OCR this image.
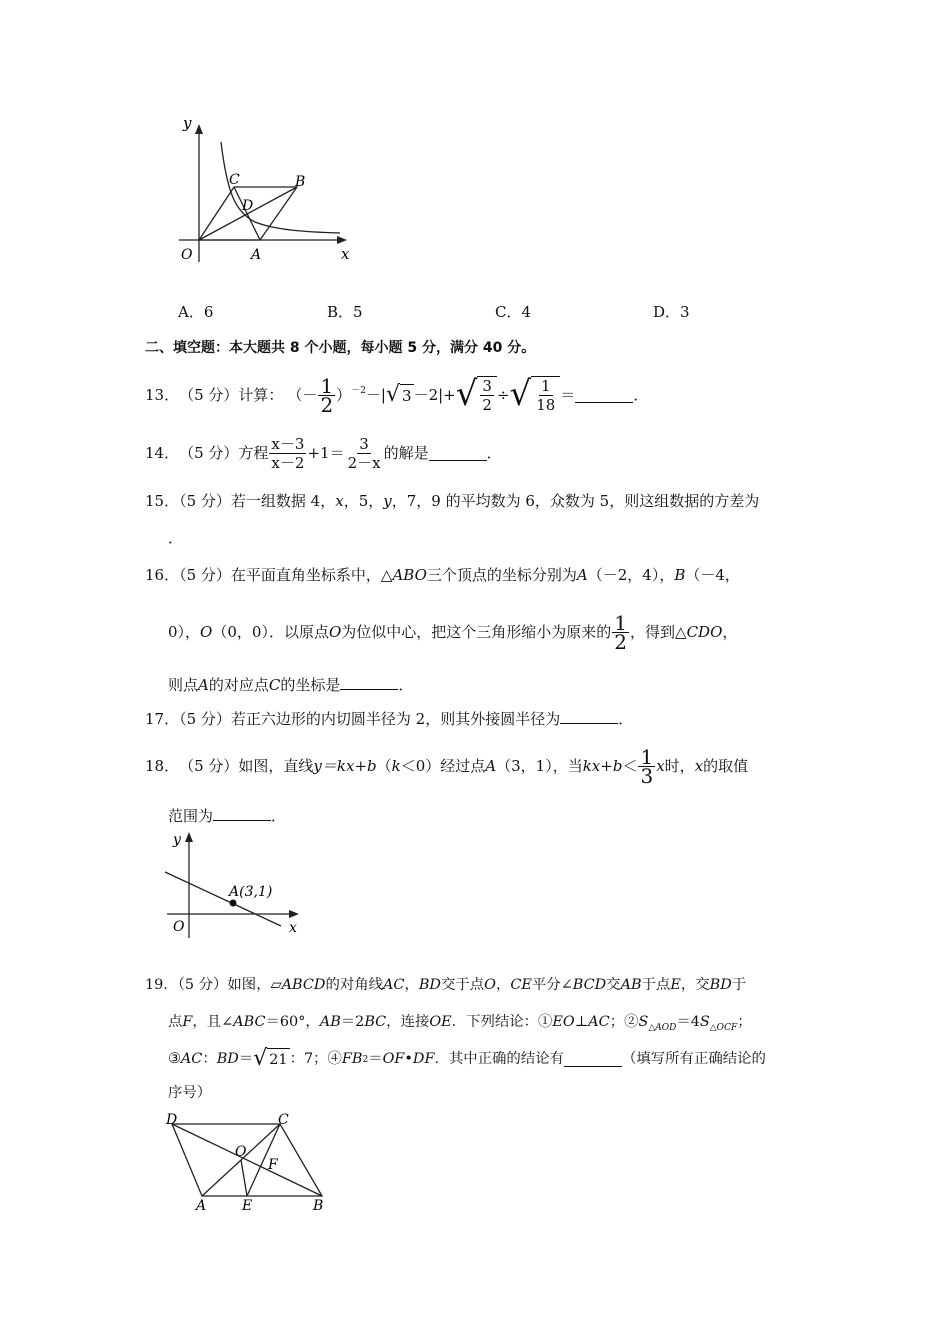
y
C	B
D
O	A	x
A．6	B．5	C．4	D．3
二、填空题：本大题共 8 个小题，每小题 5 分，满分 40 分。
13． （5 分） 计算： （－ $\frac{1}{2} )^{-2}$ －| √ 3 －2|+ √ $\frac{3}{2}$ ÷ √ $\frac{1}{18}$ ＝	．
14． （5 分） 方程 $\frac{x-3}{x-2} +1= \frac{3}{2-x}$ 的解是	．
15．（5 分）若一组数据 4，x，5，y，7，9 的平均数为 6，众数为 5，则这组数据的方差为
．
16．（5 分）在平面直角坐标系中，△ABO三个顶点的坐标分别为A（－2，4），B（－4，
0）， O （0，0）．以原点 O 为位似中心，把这个三角形缩小为原来的 $\frac{1}{2}$ ，得到△ CDO ，
则点A的对应点C的坐标是	．
17．（5 分）若正六边形的内切圆半径为 2，则其外接圆半径为	．
18． （5 分） 如图，直线 y＝kx+b （ k ＜0）经过点 A （3，1），当 $kx+b < \frac{1}{3}$ x 时， x 的取值
范围为	．
y
A(3,1)
O	x
19．（5 分）如图，▱ABCD的对角线AC，BD交于点O，CE平分∠BCD交AB于点E，交BD于
点F，且∠ABC＝60°，AB＝2BC，连接OE．下列结论：①EO⊥AC；$②S_{\triangle AOD}=4S_{\triangle OCF}$；
③ AC ： BD ＝ √ 21 ：7；④ FB 2 ＝ OF • DF ．其中正确的结论有	（填写所有正确结论的
序号）
D	C
O
F
A	E	B
